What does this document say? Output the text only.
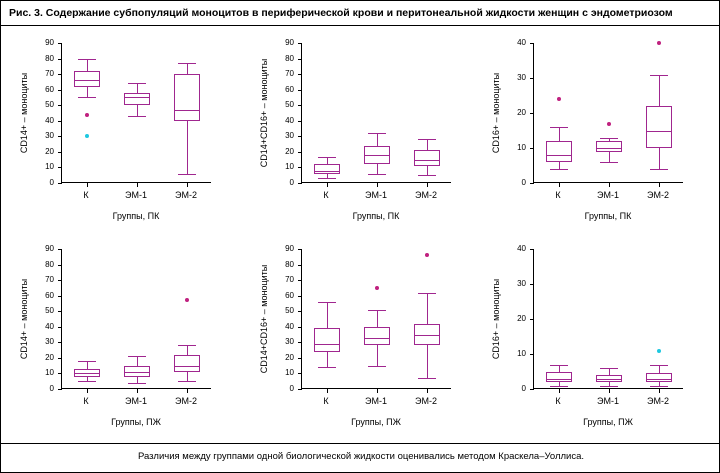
Рис. 3. Содержание субпопуляций моноцитов в периферической крови и перитонеальной жидкости женщин с эндометриозом
0
10
20
30
40
50
60
70
80
90
К	ЭМ-1	ЭМ-2
CD14+ – моноциты
Группы, ПК
0
10
20
30
40
50
60
70
80
90
К	ЭМ-1	ЭМ-2
CD14+CD16+ – моноциты
Группы, ПК
0
10
20
30
40
К	ЭМ-1	ЭМ-2
CD16+ – моноциты
Группы, ПК
0
10
20
30
40
50
60
70
80
90
К	ЭМ-1	ЭМ-2
CD14+ – моноциты
Группы, ПЖ
0
10
20
30
40
50
60
70
80
90
К	ЭМ-1	ЭМ-2
CD14+CD16+ – моноциты
Группы, ПЖ
0
10
20
30
40
К	ЭМ-1	ЭМ-2
CD16+ – моноциты
Группы, ПЖ
Различия между группами одной биологической жидкости оценивались методом Краскела–Уоллиса.
